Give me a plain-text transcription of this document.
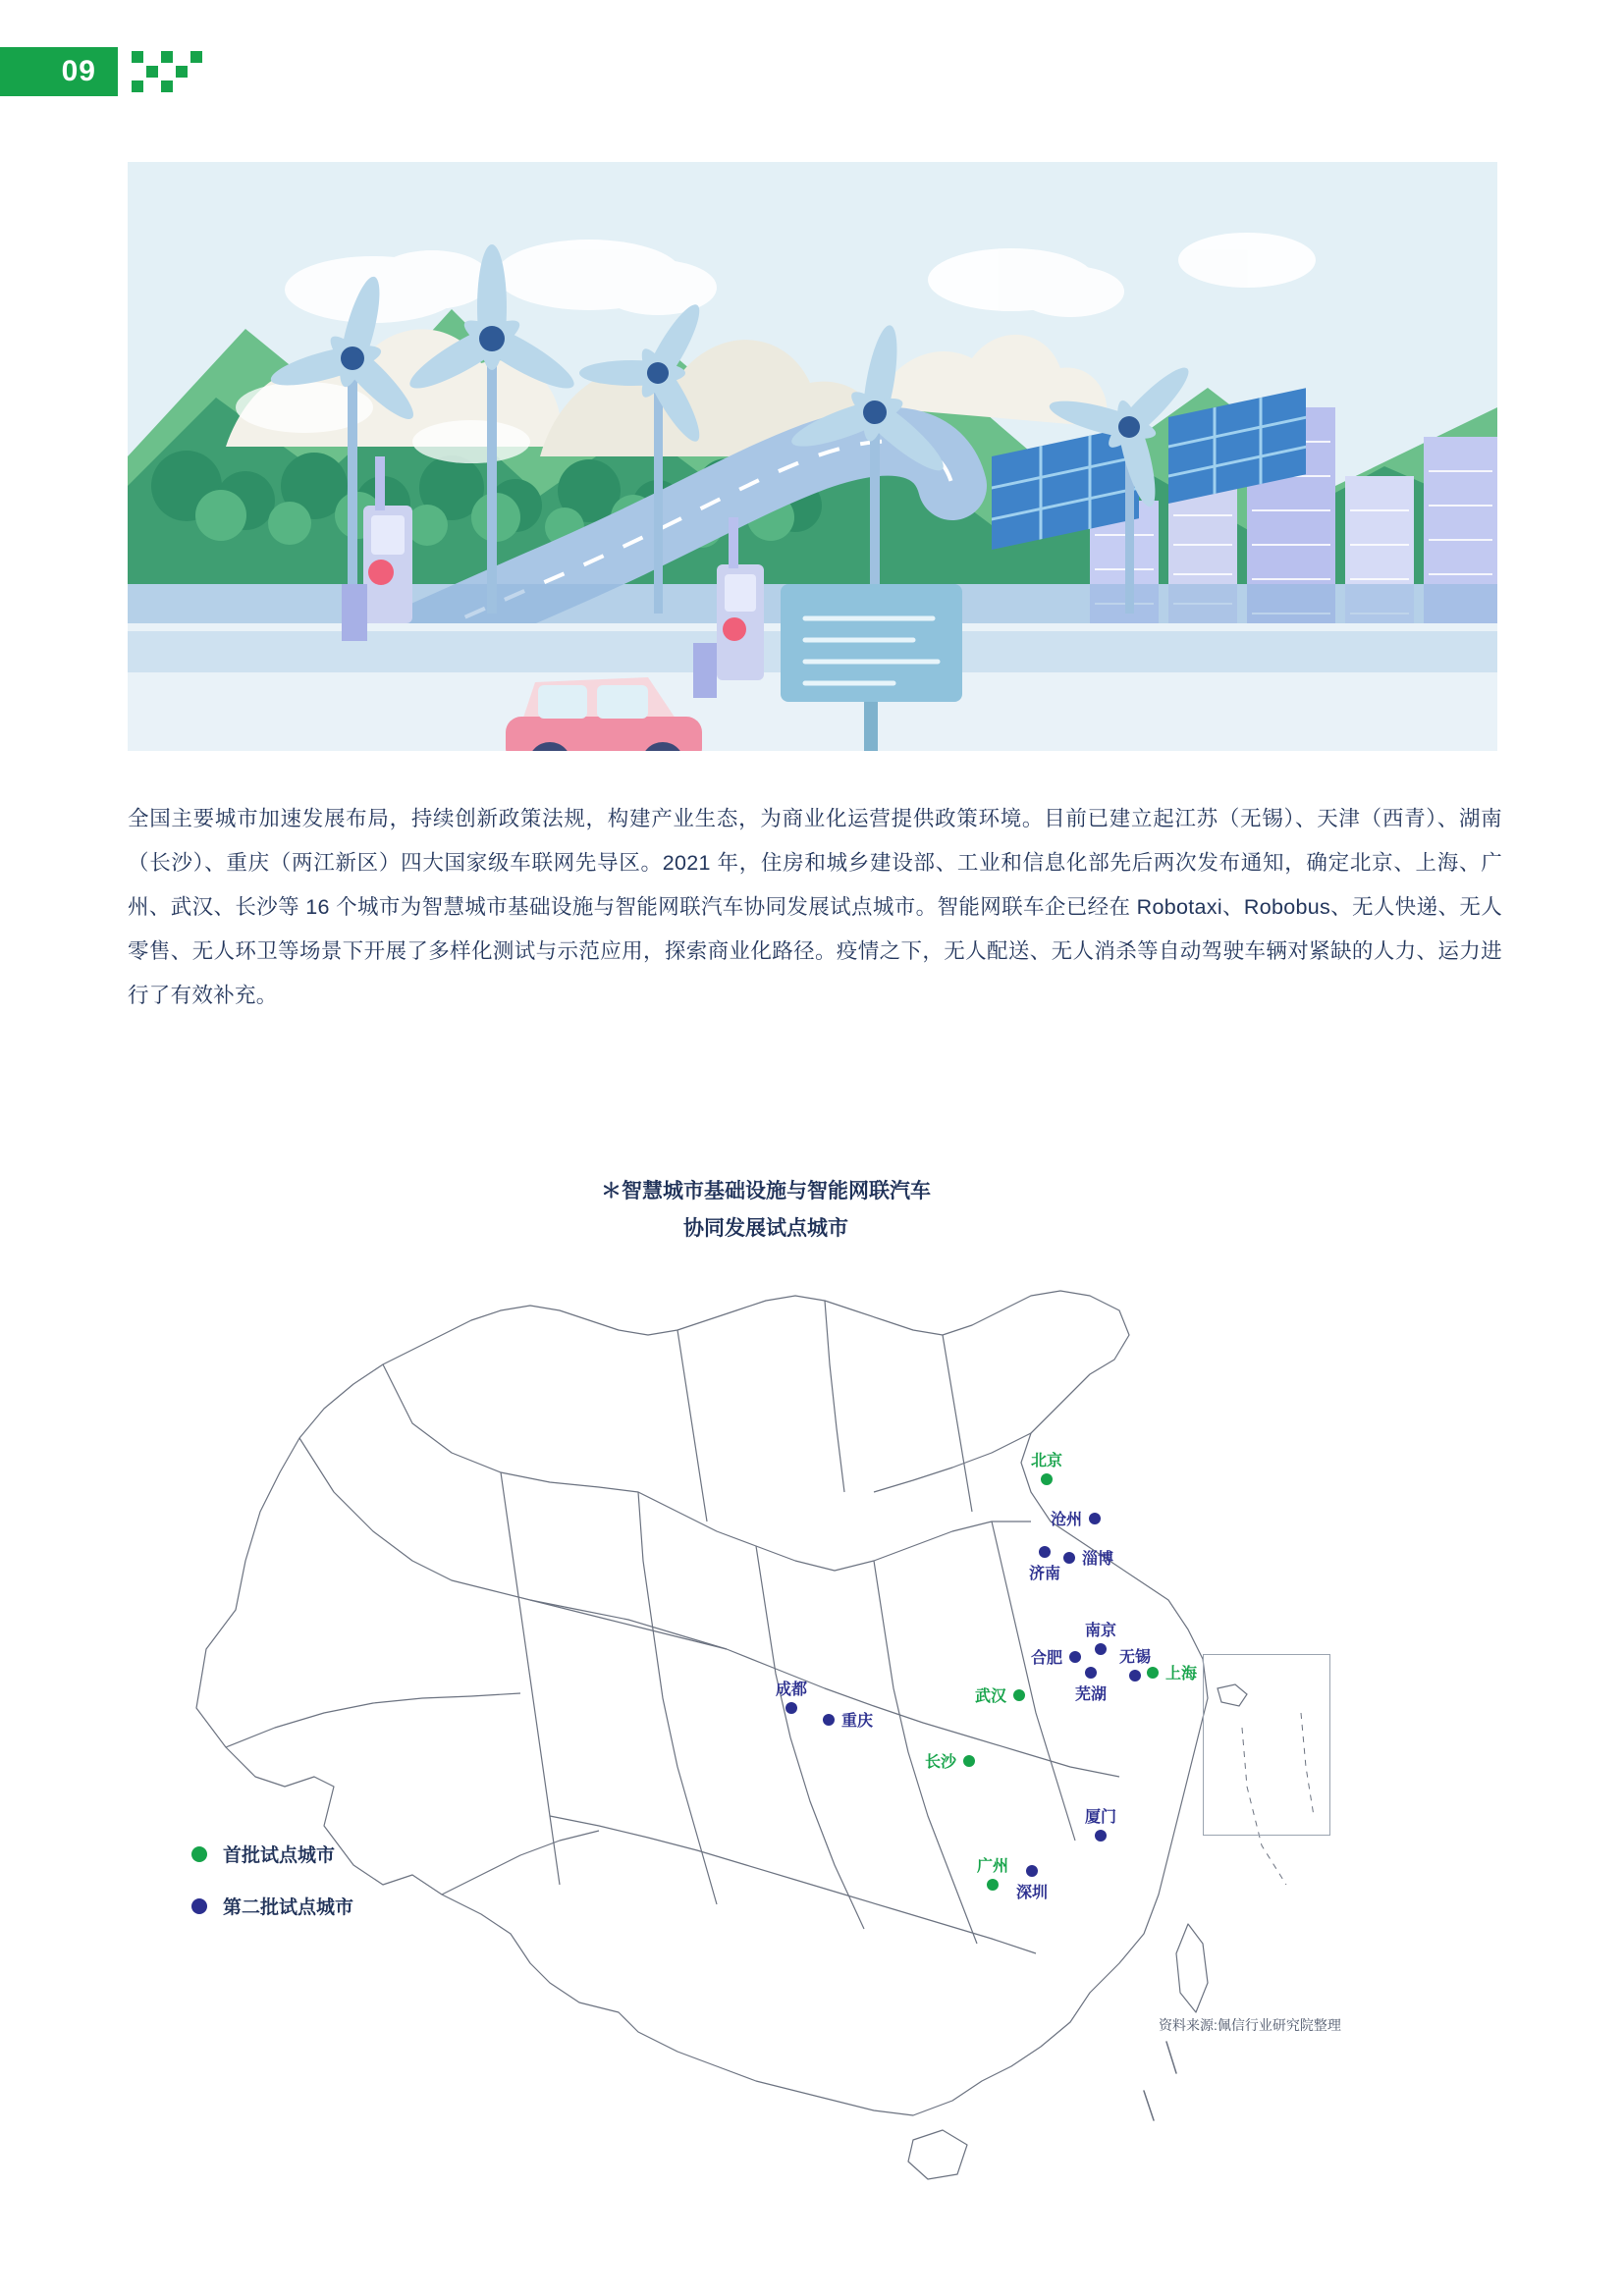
09

全国主要城市加速发展布局，持续创新政策法规，构建产业生态，为商业化运营提供政策环境。目前已建立起江苏（无锡）、天津（西青）、湖南（长沙）、重庆（两江新区）四大国家级车联网先导区。2021 年，住房和城乡建设部、工业和信息化部先后两次发布通知，确定北京、上海、广州、武汉、长沙等 16 个城市为智慧城市基础设施与智能网联汽车协同发展试点城市。智能网联车企已经在 Robotaxi、Robobus、无人快递、无人零售、无人环卫等场景下开展了多样化测试与示范应用，探索商业化路径。疫情之下，无人配送、无人消杀等自动驾驶车辆对紧缺的人力、运力进行了有效补充。

＊智慧城市基础设施与智能网联汽车
协同发展试点城市
北京
沧州
淄博
济南
南京
合肥	无锡
上海
芜湖
武汉
成都
重庆
长沙
厦门
广州
深圳
首批试点城市
第二批试点城市
资料来源:佩信行业研究院整理
